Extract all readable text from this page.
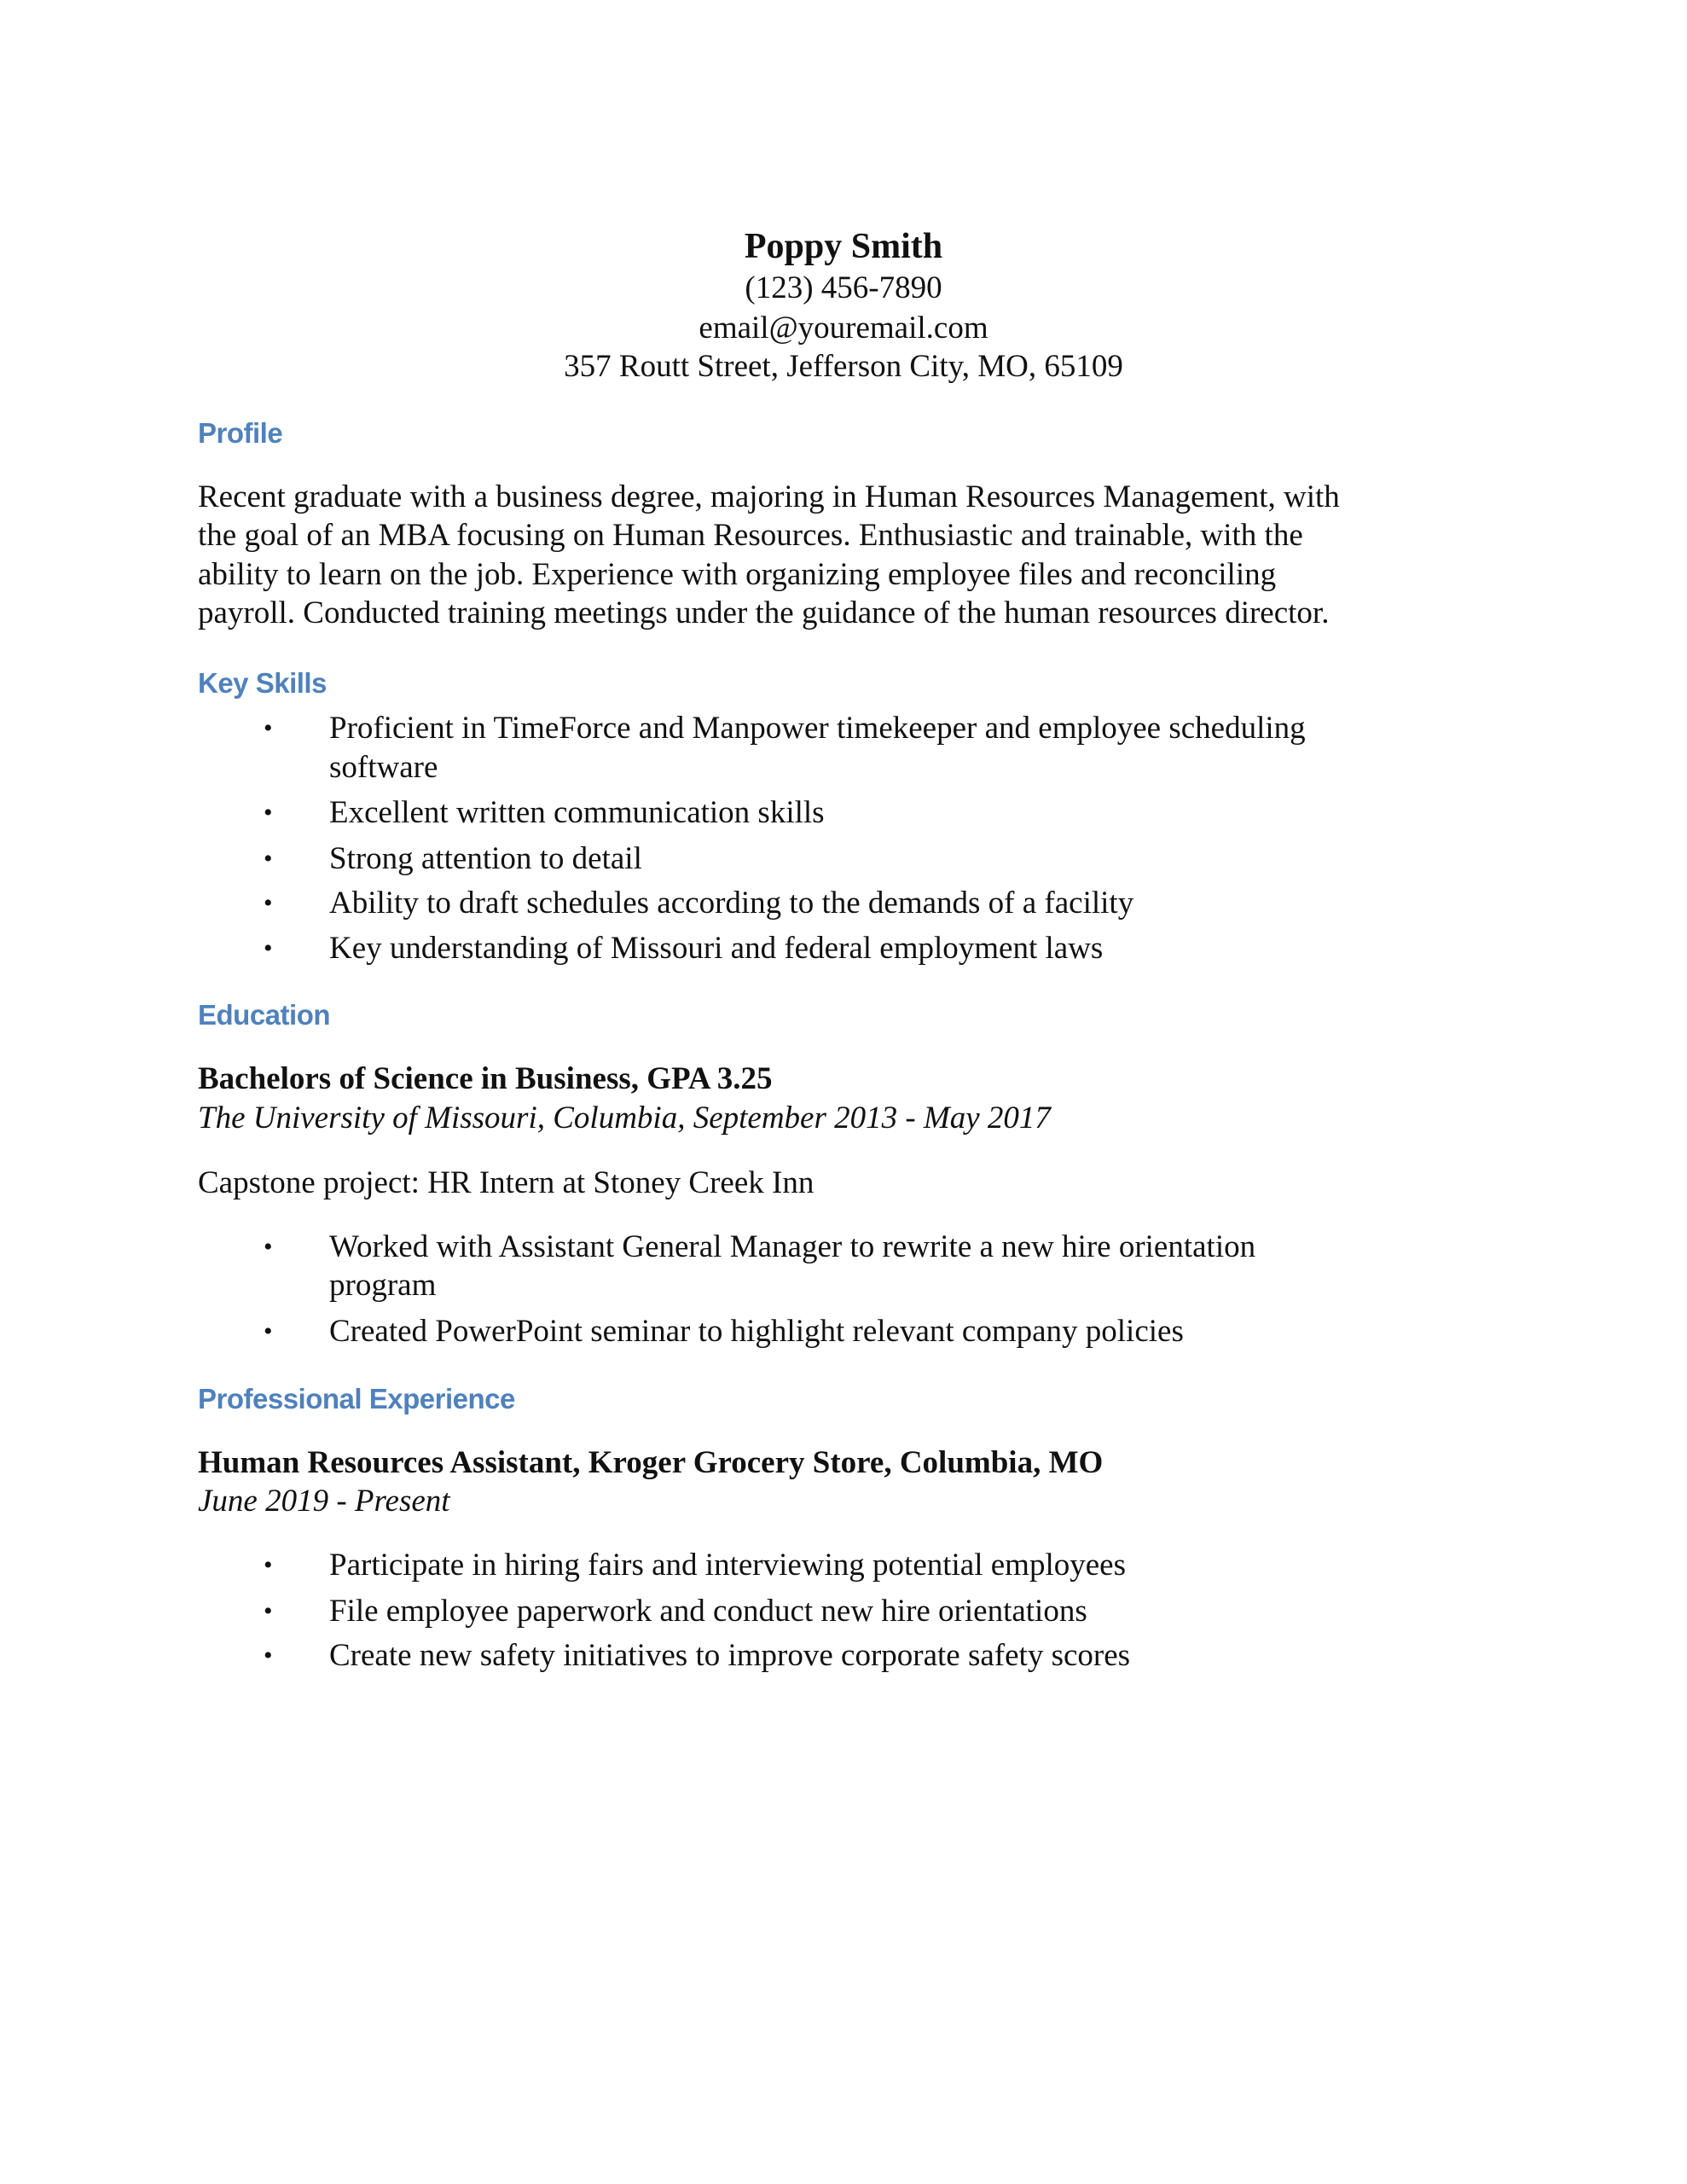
Poppy Smith
(123) 456-7890
email@youremail.com
357 Routt Street, Jefferson City, MO, 65109
Profile
Recent graduate with a business degree, majoring in Human Resources Management, with
the goal of an MBA focusing on Human Resources. Enthusiastic and trainable, with the
ability to learn on the job. Experience with organizing employee files and reconciling
payroll. Conducted training meetings under the guidance of the human resources director.
Key Skills
• Proficient in TimeForce and Manpower timekeeper and employee scheduling
software
• Excellent written communication skills
• Strong attention to detail
• Ability to draft schedules according to the demands of a facility
• Key understanding of Missouri and federal employment laws
Education
Bachelors of Science in Business, GPA 3.25
The University of Missouri, Columbia, September 2013 - May 2017
Capstone project: HR Intern at Stoney Creek Inn
• Worked with Assistant General Manager to rewrite a new hire orientation
program
• Created PowerPoint seminar to highlight relevant company policies
Professional Experience
Human Resources Assistant, Kroger Grocery Store, Columbia, MO
June 2019 - Present
• Participate in hiring fairs and interviewing potential employees
• File employee paperwork and conduct new hire orientations
• Create new safety initiatives to improve corporate safety scores
